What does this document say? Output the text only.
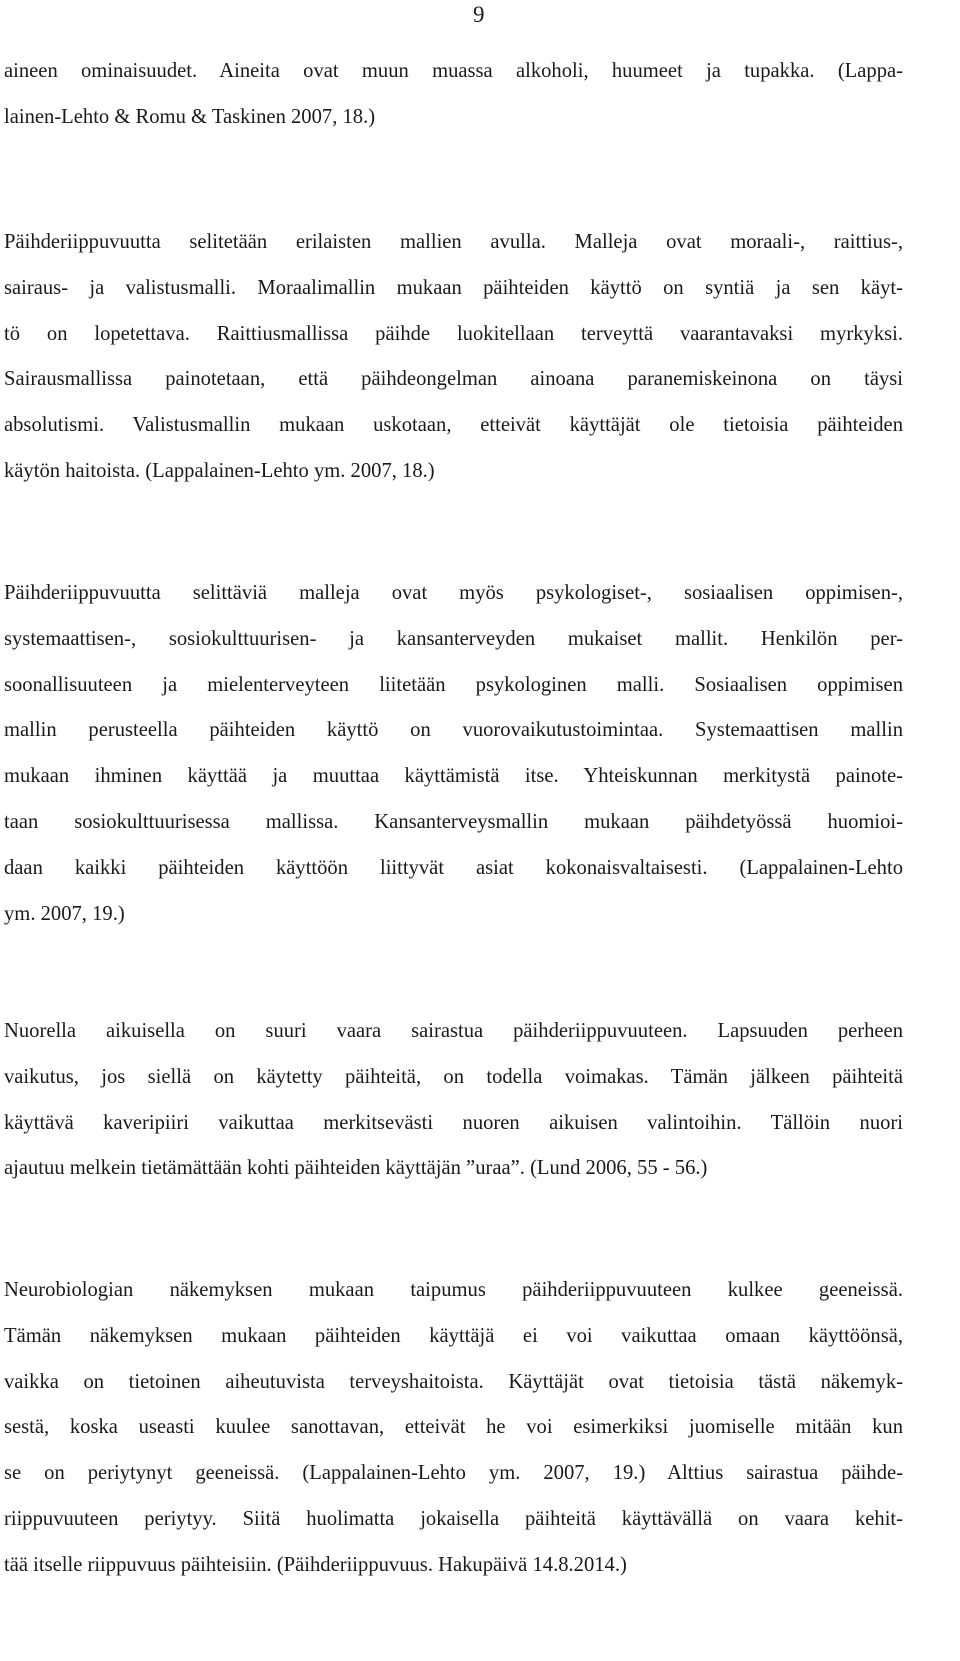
9
aineen ominaisuudet. Aineita ovat muun muassa alkoholi, huumeet ja tupakka. (Lappa-
lainen-Lehto & Romu & Taskinen 2007, 18.)
Päihderiippuvuutta selitetään erilaisten mallien avulla. Malleja ovat moraali-, raittius-,
sairaus- ja valistusmalli. Moraalimallin mukaan päihteiden käyttö on syntiä ja sen käyt-
tö on lopetettava. Raittiusmallissa päihde luokitellaan terveyttä vaarantavaksi myrkyksi.
Sairausmallissa painotetaan, että päihdeongelman ainoana paranemiskeinona on täysi
absolutismi. Valistusmallin mukaan uskotaan, etteivät käyttäjät ole tietoisia päihteiden
käytön haitoista. (Lappalainen-Lehto ym. 2007, 18.)
Päihderiippuvuutta selittäviä malleja ovat myös psykologiset-, sosiaalisen oppimisen-,
systemaattisen-, sosiokulttuurisen- ja kansanterveyden mukaiset mallit. Henkilön per-
soonallisuuteen ja mielenterveyteen liitetään psykologinen malli. Sosiaalisen oppimisen
mallin perusteella päihteiden käyttö on vuorovaikutustoimintaa. Systemaattisen mallin
mukaan ihminen käyttää ja muuttaa käyttämistä itse. Yhteiskunnan merkitystä painote-
taan sosiokulttuurisessa mallissa. Kansanterveysmallin mukaan päihdetyössä huomioi-
daan kaikki päihteiden käyttöön liittyvät asiat kokonaisvaltaisesti. (Lappalainen-Lehto
ym. 2007, 19.)
Nuorella aikuisella on suuri vaara sairastua päihderiippuvuuteen. Lapsuuden perheen
vaikutus, jos siellä on käytetty päihteitä, on todella voimakas. Tämän jälkeen päihteitä
käyttävä kaveripiiri vaikuttaa merkitsevästi nuoren aikuisen valintoihin. Tällöin nuori
ajautuu melkein tietämättään kohti päihteiden käyttäjän ”uraa”. (Lund 2006, 55 - 56.)
Neurobiologian näkemyksen mukaan taipumus päihderiippuvuuteen kulkee geeneissä.
Tämän näkemyksen mukaan päihteiden käyttäjä ei voi vaikuttaa omaan käyttöönsä,
vaikka on tietoinen aiheutuvista terveyshaitoista. Käyttäjät ovat tietoisia tästä näkemyk-
sestä, koska useasti kuulee sanottavan, etteivät he voi esimerkiksi juomiselle mitään kun
se on periytynyt geeneissä. (Lappalainen-Lehto ym. 2007, 19.) Alttius sairastua päihde-
riippuvuuteen periytyy. Siitä huolimatta jokaisella päihteitä käyttävällä on vaara kehit-
tää itselle riippuvuus päihteisiin. (Päihderiippuvuus. Hakupäivä 14.8.2014.)
